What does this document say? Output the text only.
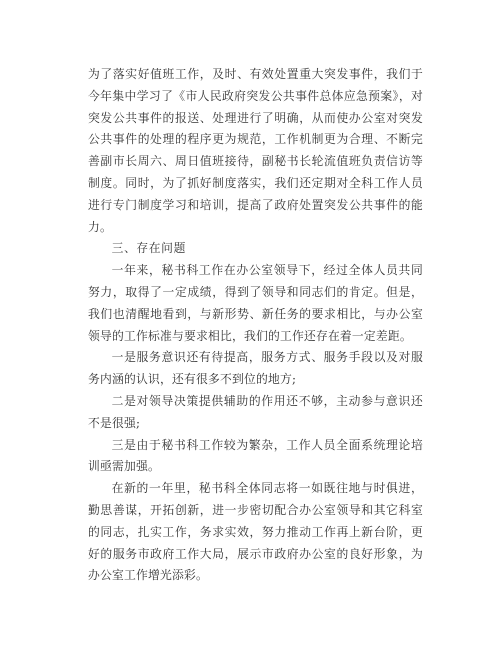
为了落实好值班工作，及时、有效处置重大突发事件，我们于今年集中学习了《市人民政府突发公共事件总体应急预案》，对突发公共事件的报送、处理进行了明确，从而使办公室对突发公共事件的处理的程序更为规范，工作机制更为合理、不断完善副市长周六、周日值班接待，副秘书长轮流值班负责信访等制度。同时，为了抓好制度落实，我们还定期对全科工作人员进行专门制度学习和培训，提高了政府处置突发公共事件的能力。

三、存在问题

一年来，秘书科工作在办公室领导下，经过全体人员共同努力，取得了一定成绩，得到了领导和同志们的肯定。但是，我们也清醒地看到，与新形势、新任务的要求相比，与办公室领导的工作标准与要求相比，我们的工作还存在着一定差距。

一是服务意识还有待提高，服务方式、服务手段以及对服务内涵的认识，还有很多不到位的地方;

二是对领导决策提供辅助的作用还不够，主动参与意识还不是很强;

三是由于秘书科工作较为繁杂，工作人员全面系统理论培训亟需加强。

在新的一年里，秘书科全体同志将一如既往地与时俱进，勤思善谋，开拓创新，进一步密切配合办公室领导和其它科室的同志，扎实工作，务求实效，努力推动工作再上新台阶，更好的服务市政府工作大局，展示市政府办公室的良好形象，为办公室工作增光添彩。
